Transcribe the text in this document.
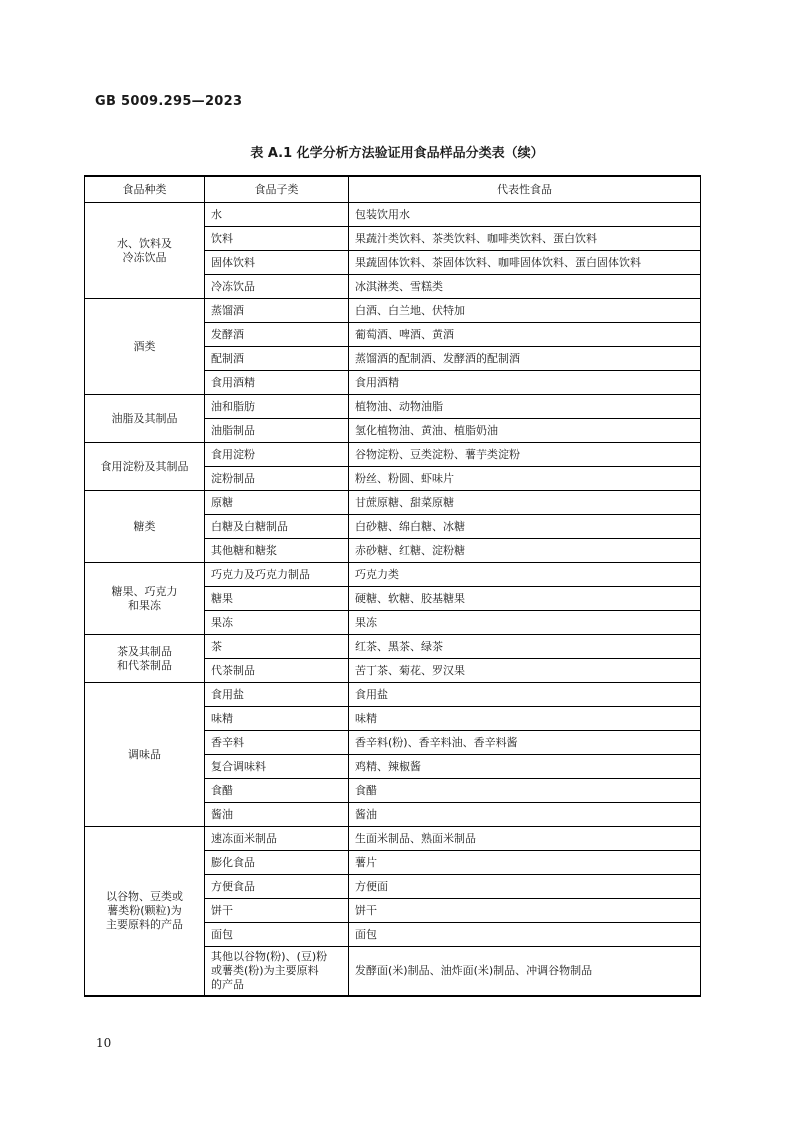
GB 5009.295—2023
表 A.1 化学分析方法验证用食品样品分类表（续）
食品种类	食品子类	代表性食品
水、饮料及
冷冻饮品	水	包装饮用水
	饮料	果蔬汁类饮料、茶类饮料、咖啡类饮料、蛋白饮料
	固体饮料	果蔬固体饮料、茶固体饮料、咖啡固体饮料、蛋白固体饮料
	冷冻饮品	冰淇淋类、雪糕类
酒类	蒸馏酒	白酒、白兰地、伏特加
	发酵酒	葡萄酒、啤酒、黄酒
	配制酒	蒸馏酒的配制酒、发酵酒的配制酒
	食用酒精	食用酒精
油脂及其制品	油和脂肪	植物油、动物油脂
	油脂制品	氢化植物油、黄油、植脂奶油
食用淀粉及其制品	食用淀粉	谷物淀粉、豆类淀粉、薯芋类淀粉
	淀粉制品	粉丝、粉圆、虾味片
糖类	原糖	甘蔗原糖、甜菜原糖
	白糖及白糖制品	白砂糖、绵白糖、冰糖
	其他糖和糖浆	赤砂糖、红糖、淀粉糖
糖果、巧克力
和果冻	巧克力及巧克力制品	巧克力类
	糖果	硬糖、软糖、胶基糖果
	果冻	果冻
茶及其制品
和代茶制品	茶	红茶、黑茶、绿茶
	代茶制品	苦丁茶、菊花、罗汉果
调味品	食用盐	食用盐
	味精	味精
	香辛料	香辛料(粉)、香辛料油、香辛料酱
	复合调味料	鸡精、辣椒酱
	食醋	食醋
	酱油	酱油
以谷物、豆类或
薯类粉(颗粒)为
主要原料的产品	速冻面米制品	生面米制品、熟面米制品
	膨化食品	薯片
	方便食品	方便面
	饼干	饼干
	面包	面包
	其他以谷物(粉)、(豆)粉
或薯类(粉)为主要原料
的产品	发酵面(米)制品、油炸面(米)制品、冲调谷物制品
10
